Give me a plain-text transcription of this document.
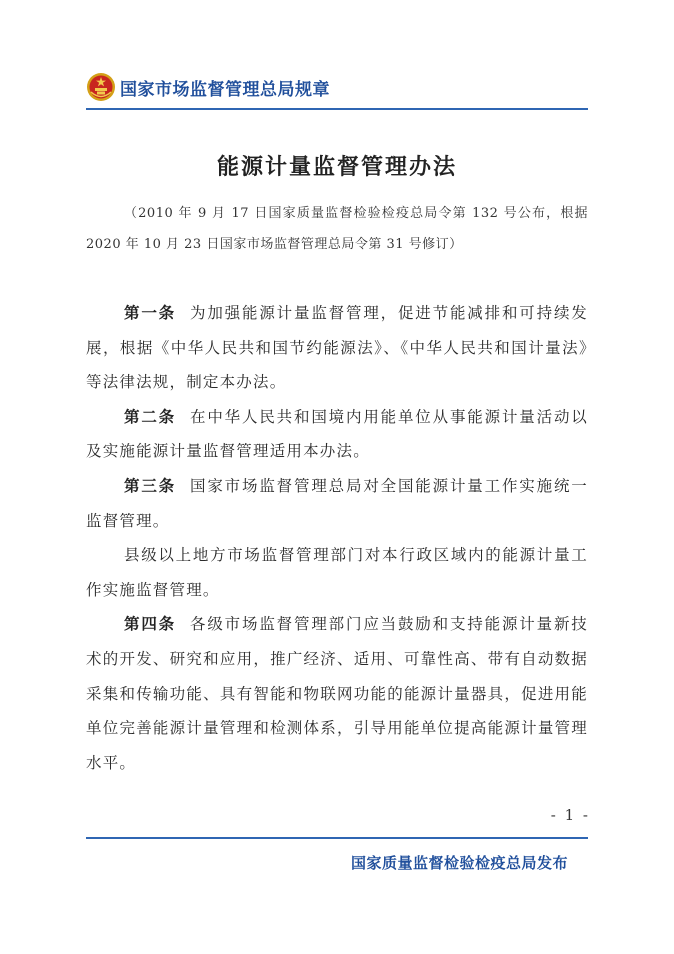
国家市场监督管理总局规章
能源计量监督管理办法
（2010 年 9 月 17 日国家质量监督检验检疫总局令第 132 号公布，根据 2020 年 10 月 23 日国家市场监督管理总局令第 31 号修订）

第一条 为加强能源计量监督管理，促进节能减排和可持续发展，根据《中华人民共和国节约能源法》、《中华人民共和国计量法》等法律法规，制定本办法。

第二条 在中华人民共和国境内用能单位从事能源计量活动以及实施能源计量监督管理适用本办法。

第三条 国家市场监督管理总局对全国能源计量工作实施统一监督管理。

县级以上地方市场监督管理部门对本行政区域内的能源计量工作实施监督管理。

第四条 各级市场监督管理部门应当鼓励和支持能源计量新技术的开发、研究和应用，推广经济、适用、可靠性高、带有自动数据采集和传输功能、具有智能和物联网功能的能源计量器具，促进用能单位完善能源计量管理和检测体系，引导用能单位提高能源计量管理水平。

- 1 -
国家质量监督检验检疫总局发布
